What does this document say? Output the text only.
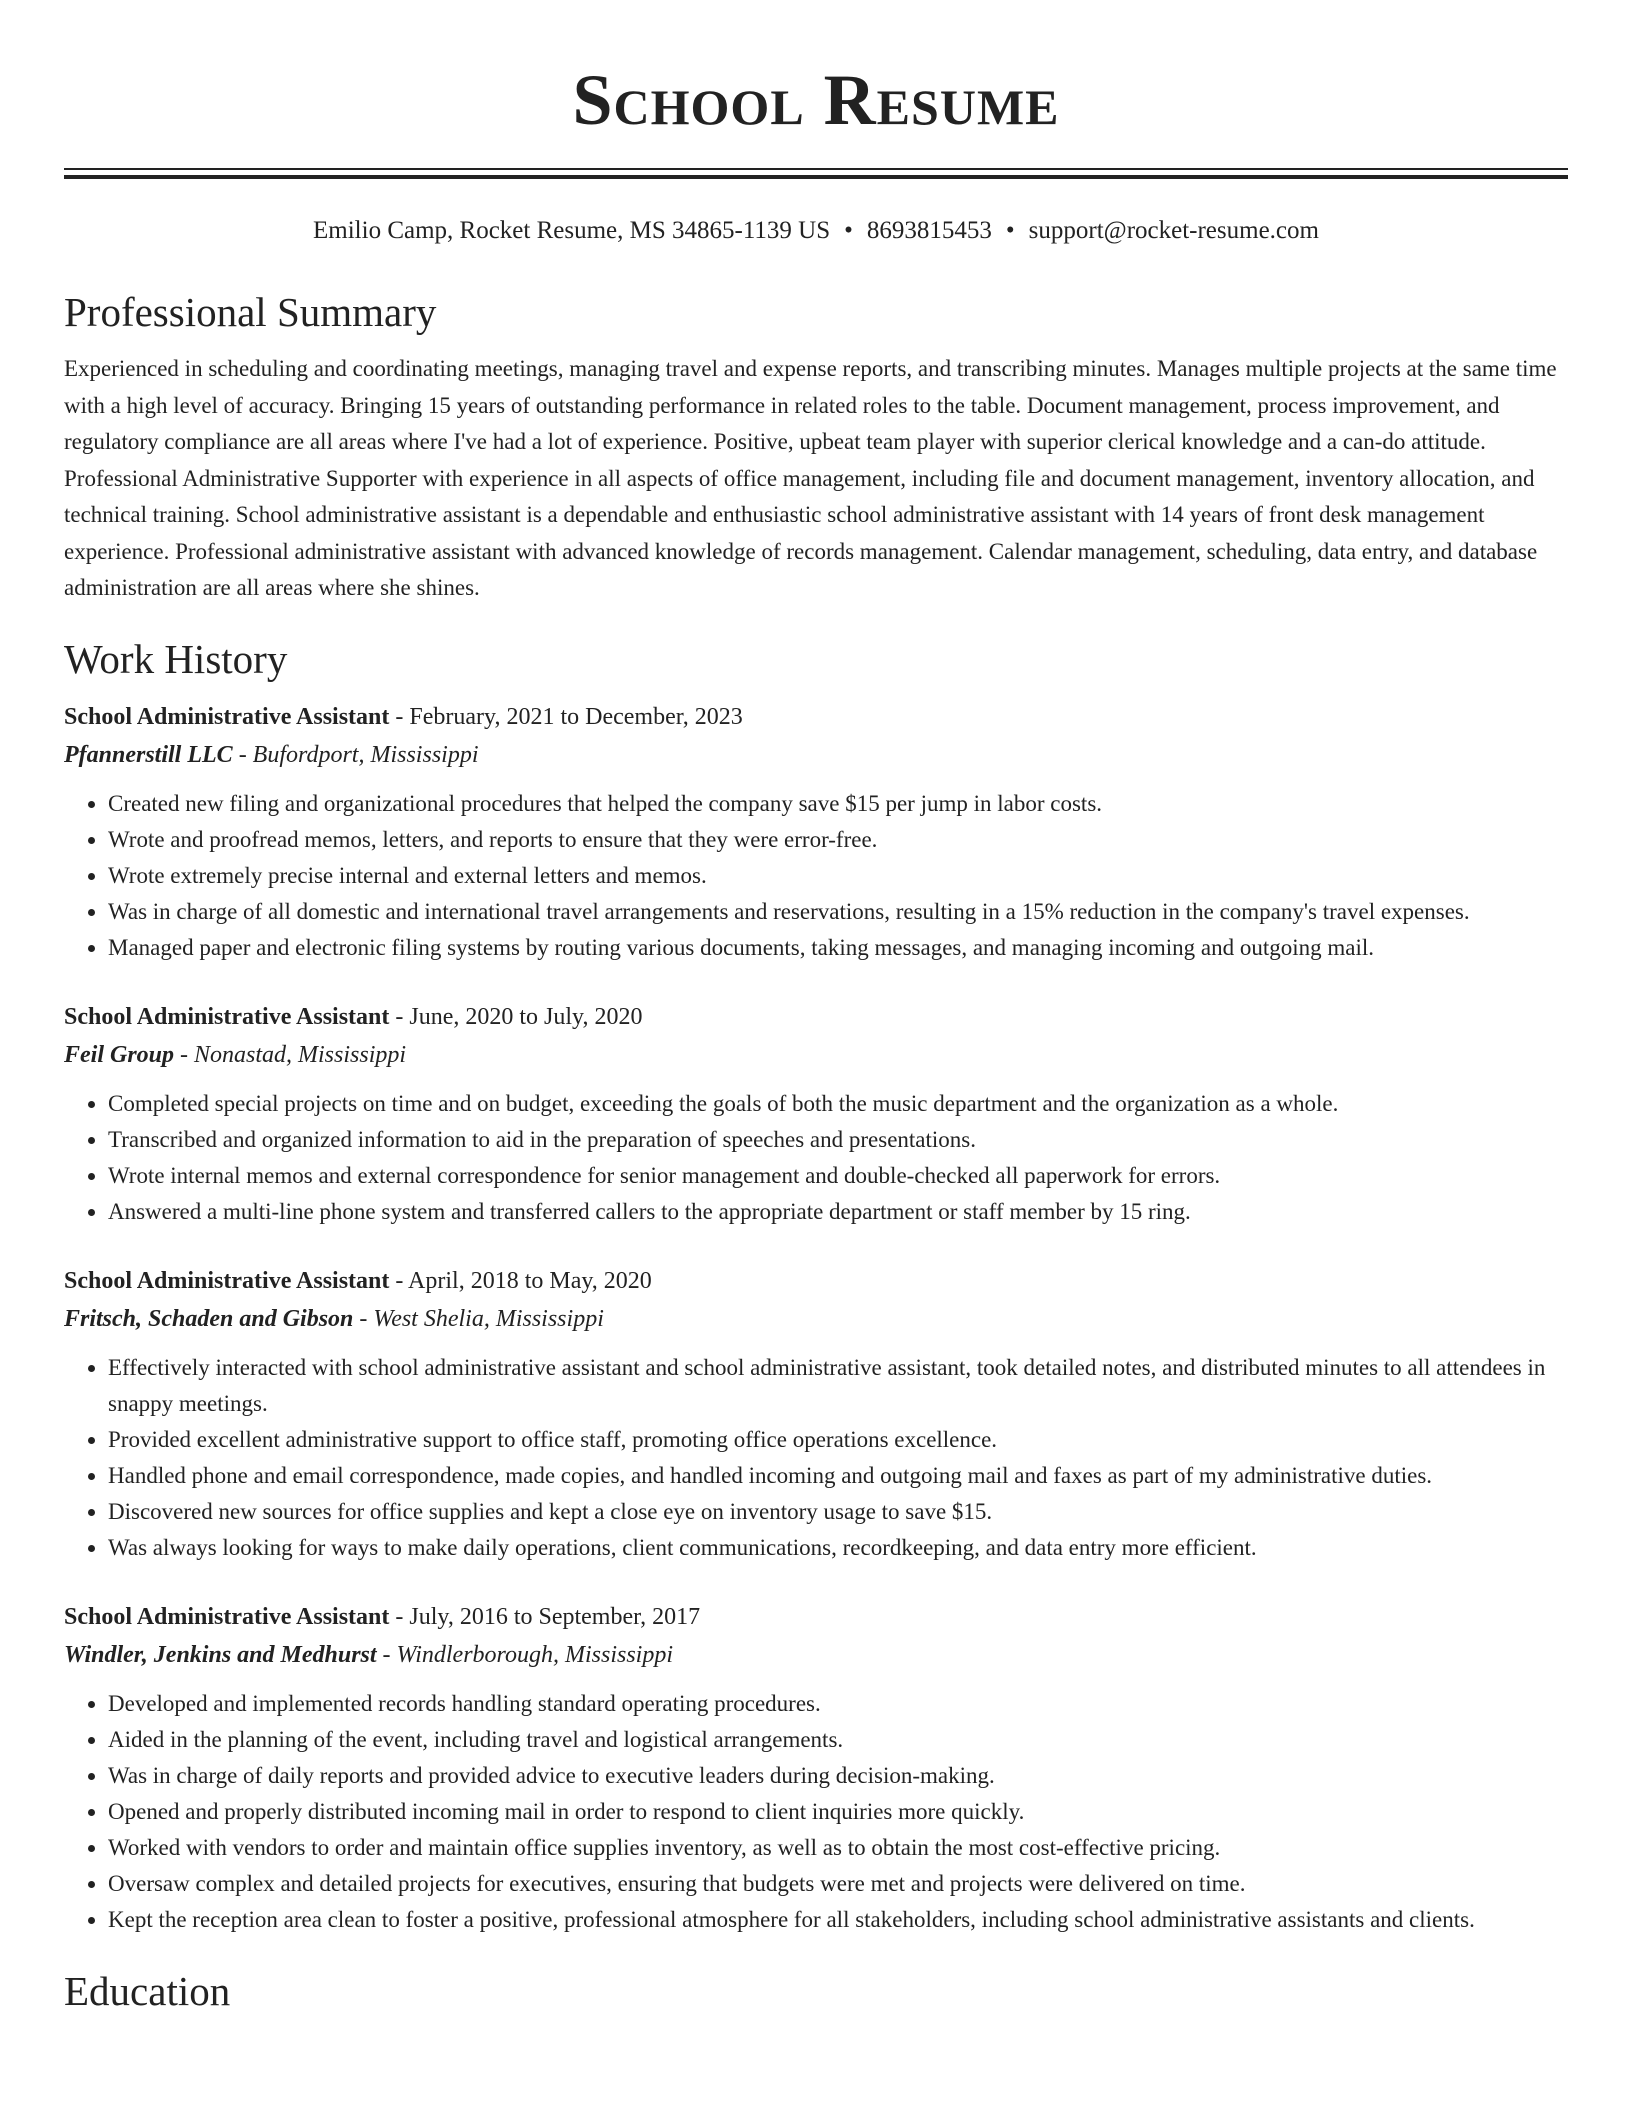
School Resume
Emilio Camp, Rocket Resume, MS 34865-1139 US • 8693815453 • support@rocket-resume.com
Professional Summary
Experienced in scheduling and coordinating meetings, managing travel and expense reports, and transcribing minutes. Manages multiple projects at the same time with a high level of accuracy. Bringing 15 years of outstanding performance in related roles to the table. Document management, process improvement, and regulatory compliance are all areas where I've had a lot of experience. Positive, upbeat team player with superior clerical knowledge and a can-do attitude. Professional Administrative Supporter with experience in all aspects of office management, including file and document management, inventory allocation, and technical training. School administrative assistant is a dependable and enthusiastic school administrative assistant with 14 years of front desk management experience. Professional administrative assistant with advanced knowledge of records management. Calendar management, scheduling, data entry, and database administration are all areas where she shines.
Work History
School Administrative Assistant - February, 2021 to December, 2023
Pfannerstill LLC - Bufordport, Mississippi
• Created new filing and organizational procedures that helped the company save $15 per jump in labor costs.
• Wrote and proofread memos, letters, and reports to ensure that they were error-free.
• Wrote extremely precise internal and external letters and memos.
• Was in charge of all domestic and international travel arrangements and reservations, resulting in a 15% reduction in the company's travel expenses.
• Managed paper and electronic filing systems by routing various documents, taking messages, and managing incoming and outgoing mail.
School Administrative Assistant - June, 2020 to July, 2020
Feil Group - Nonastad, Mississippi
• Completed special projects on time and on budget, exceeding the goals of both the music department and the organization as a whole.
• Transcribed and organized information to aid in the preparation of speeches and presentations.
• Wrote internal memos and external correspondence for senior management and double-checked all paperwork for errors.
• Answered a multi-line phone system and transferred callers to the appropriate department or staff member by 15 ring.
School Administrative Assistant - April, 2018 to May, 2020
Fritsch, Schaden and Gibson - West Shelia, Mississippi
• Effectively interacted with school administrative assistant and school administrative assistant, took detailed notes, and distributed minutes to all attendees in snappy meetings.
• Provided excellent administrative support to office staff, promoting office operations excellence.
• Handled phone and email correspondence, made copies, and handled incoming and outgoing mail and faxes as part of my administrative duties.
• Discovered new sources for office supplies and kept a close eye on inventory usage to save $15.
• Was always looking for ways to make daily operations, client communications, recordkeeping, and data entry more efficient.
School Administrative Assistant - July, 2016 to September, 2017
Windler, Jenkins and Medhurst - Windlerborough, Mississippi
• Developed and implemented records handling standard operating procedures.
• Aided in the planning of the event, including travel and logistical arrangements.
• Was in charge of daily reports and provided advice to executive leaders during decision-making.
• Opened and properly distributed incoming mail in order to respond to client inquiries more quickly.
• Worked with vendors to order and maintain office supplies inventory, as well as to obtain the most cost-effective pricing.
• Oversaw complex and detailed projects for executives, ensuring that budgets were met and projects were delivered on time.
• Kept the reception area clean to foster a positive, professional atmosphere for all stakeholders, including school administrative assistants and clients.
Education
